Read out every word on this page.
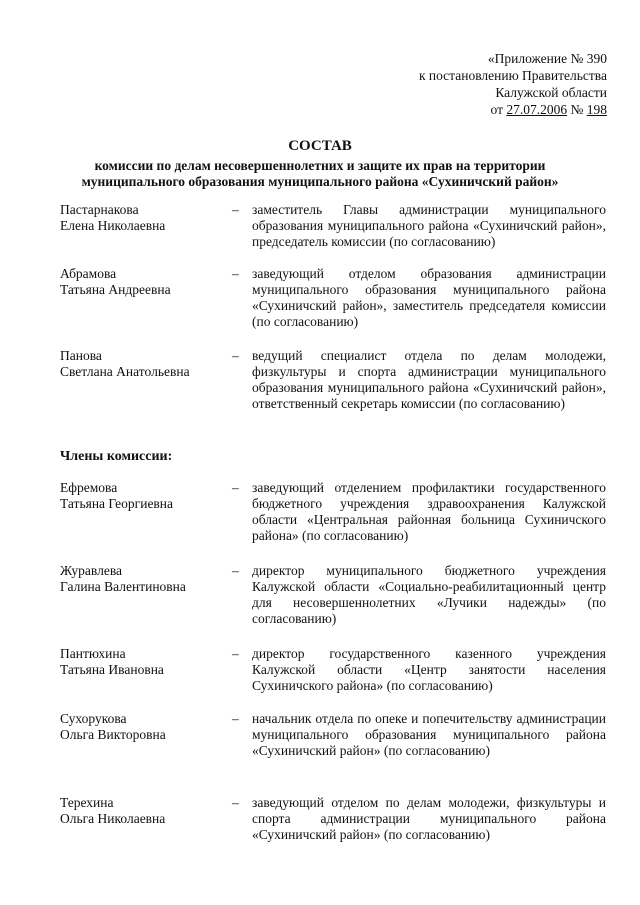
«Приложение № 390
к постановлению Правительства
Калужской области
от 27.07.2006 № 198
СОСТАВ
комиссии по делам несовершеннолетних и защите их прав на территории
муниципального образования муниципального района «Сухиничский район»
Пастарнакова
Елена Николаевна
– заместитель Главы администрации муниципального образования муниципального района «Сухиничский район», председатель комиссии (по согласованию)
Абрамова
Татьяна Андреевна
– заведующий отделом образования администрации муниципального образования муниципального района «Сухиничский район», заместитель председателя комиссии (по согласованию)
Панова
Светлана Анатольевна
– ведущий специалист отдела по делам молодежи, физкультуры и спорта администрации муниципального образования муниципального района «Сухиничский район», ответственный секретарь комиссии (по согласованию)
Члены комиссии:
Ефремова
Татьяна Георгиевна
– заведующий отделением профилактики государственного бюджетного учреждения здравоохранения Калужской области «Центральная районная больница Сухиничского района» (по согласованию)
Журавлева
Галина Валентиновна
– директор муниципального бюджетного учреждения Калужской области «Социально-реабилитационный центр для несовершеннолетних «Лучики надежды» (по согласованию)
Пантюхина
Татьяна Ивановна
– директор государственного казенного учреждения Калужской области «Центр занятости населения Сухиничского района» (по согласованию)
Сухорукова
Ольга Викторовна
– начальник отдела по опеке и попечительству администрации муниципального образования муниципального района «Сухиничский район» (по согласованию)
Терехина
Ольга Николаевна
– заведующий отделом по делам молодежи, физкультуры и спорта администрации муниципального района «Сухиничский район» (по согласованию)
